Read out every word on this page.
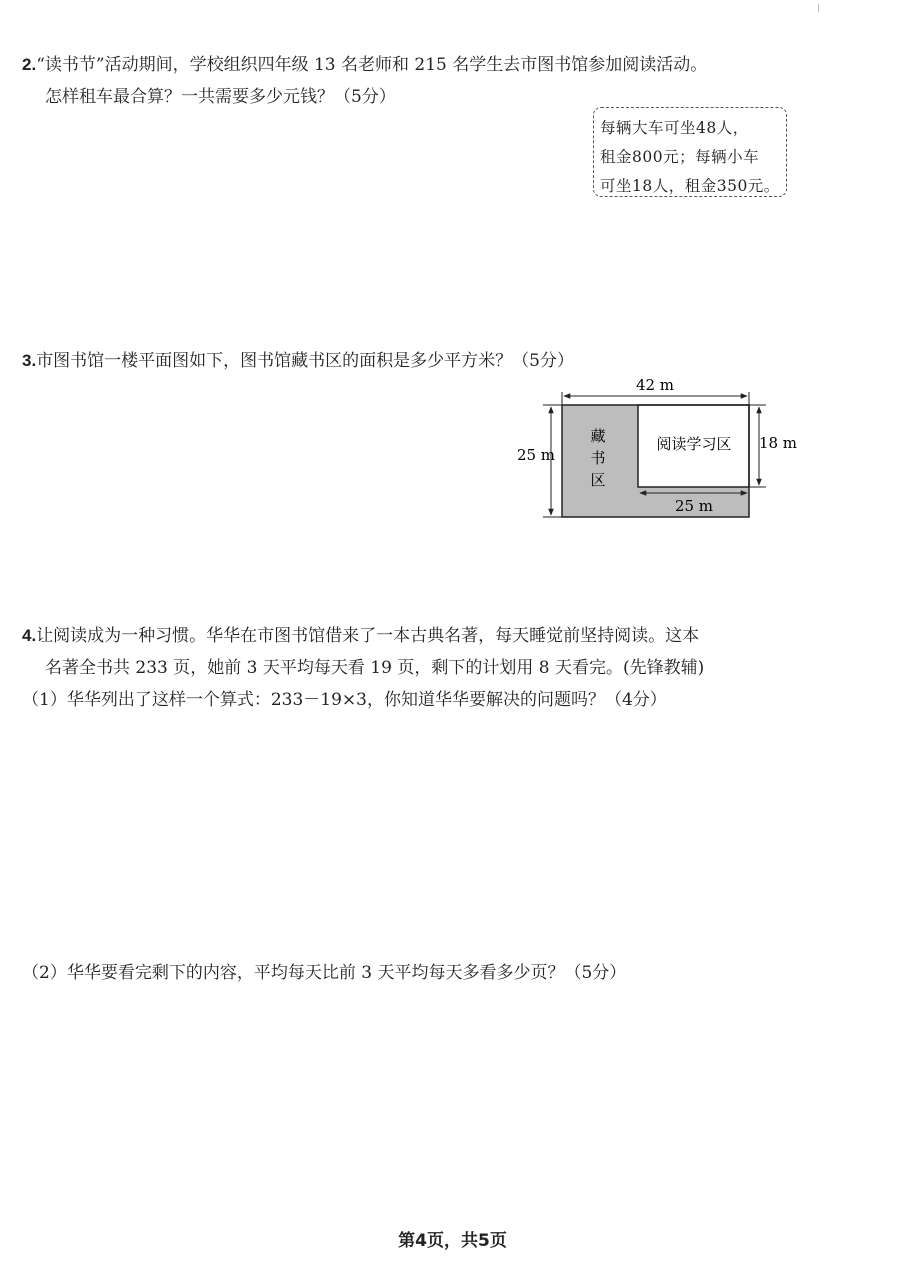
2.“读书节”活动期间，学校组织四年级 13 名老师和 215 名学生去市图书馆参加阅读活动。
怎样租车最合算？一共需要多少元钱？（5分）
每辆大车可坐48人，
租金800元；每辆小车
可坐18人，租金350元。
3.市图书馆一楼平面图如下，图书馆藏书区的面积是多少平方米？（5分）
42 m
25 m
18 m
25 m
藏
书
区
阅读学习区
4.让阅读成为一种习惯。华华在市图书馆借来了一本古典名著，每天睡觉前坚持阅读。这本
名著全书共 233 页，她前 3 天平均每天看 19 页，剩下的计划用 8 天看完。(先锋教辅)
（1）华华列出了这样一个算式：233－19×3，你知道华华要解决的问题吗？（4分）
（2）华华要看完剩下的内容，平均每天比前 3 天平均每天多看多少页？（5分）
第4页，共5页
